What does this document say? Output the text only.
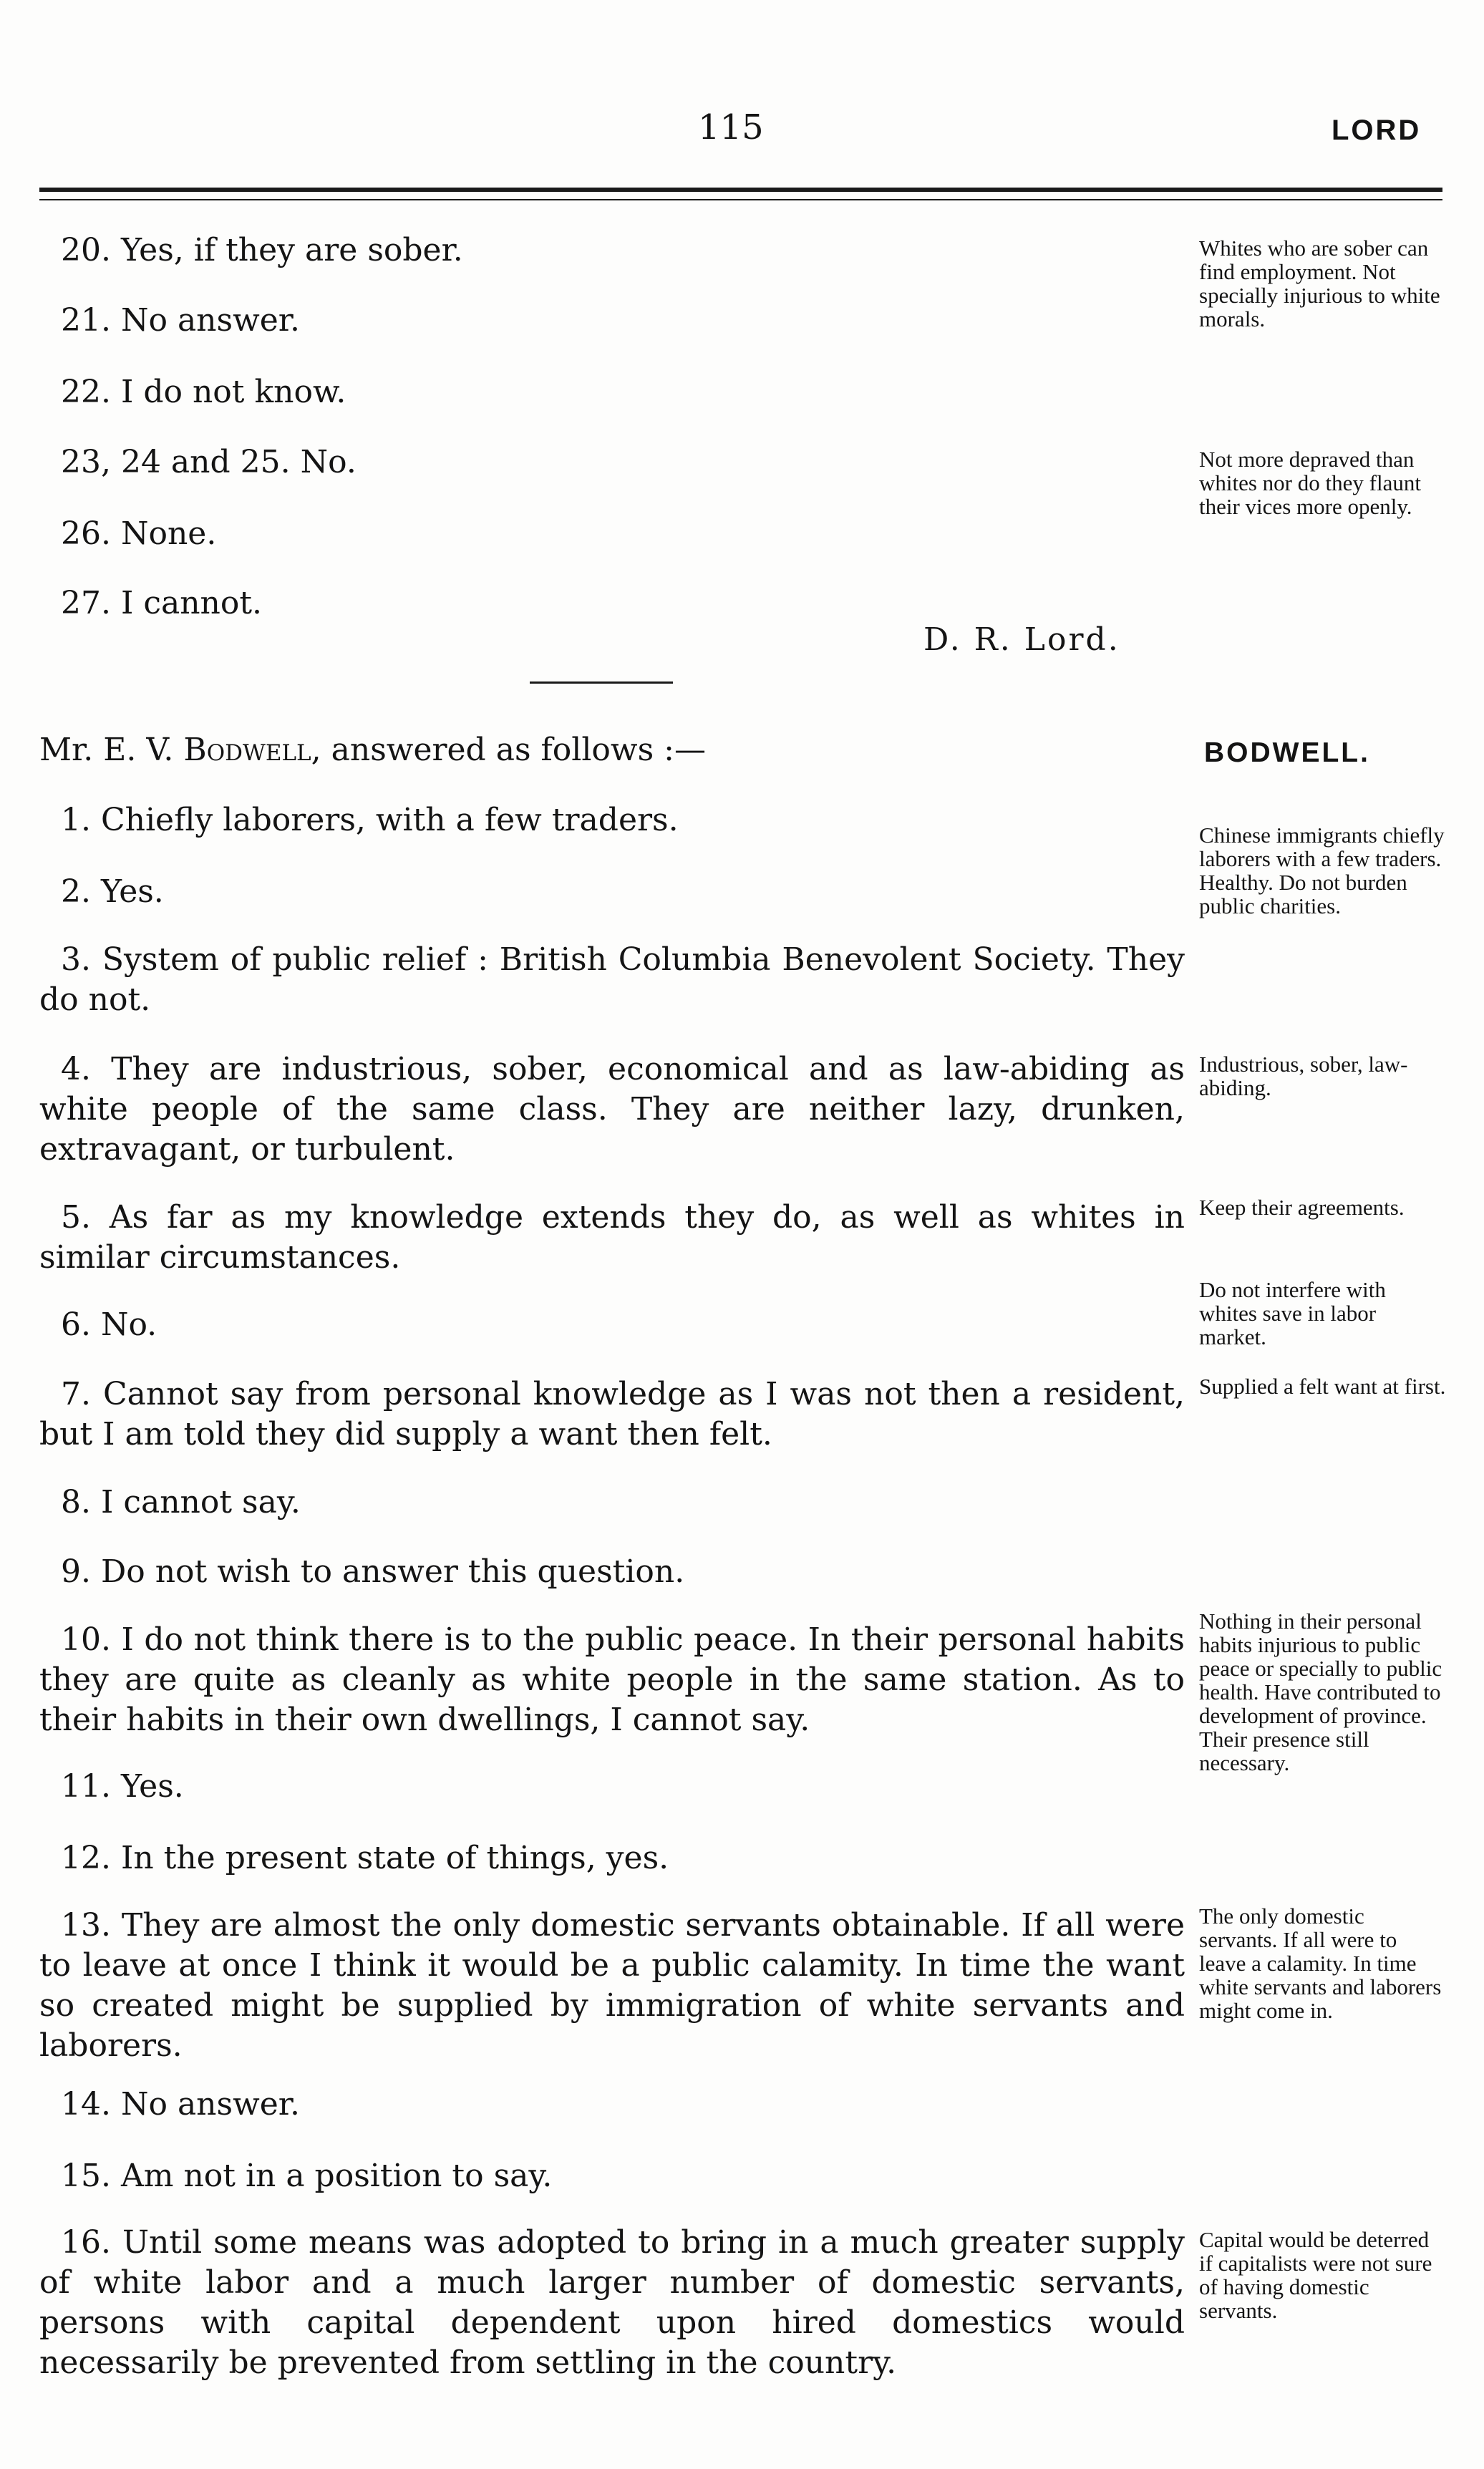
115	LORD
20. Yes, if they are sober.
21. No answer.
22. I do not know.
23, 24 and 25. No.
26. None.
27. I cannot.
D. R. Lord.
Mr. E. V. Bodwell, answered as follows :—
1. Chiefly laborers, with a few traders.
2. Yes.
3. System of public relief : British Columbia Benevolent Society. They do not.
4. They are industrious, sober, economical and as law-abiding as white people of the same class. They are neither lazy, drunken, extravagant, or turbulent.
5. As far as my knowledge extends they do, as well as whites in similar circumstances.
6. No.
7. Cannot say from personal knowledge as I was not then a resident, but I am told they did supply a want then felt.
8. I cannot say.
9. Do not wish to answer this question.
10. I do not think there is to the public peace. In their personal habits they are quite as cleanly as white people in the same station. As to their habits in their own dwellings, I cannot say.
11. Yes.
12. In the present state of things, yes.
13. They are almost the only domestic servants obtainable. If all were to leave at once I think it would be a public calamity. In time the want so created might be supplied by immigration of white servants and laborers.
14. No answer.
15. Am not in a position to say.
16. Until some means was adopted to bring in a much greater supply of white labor and a much larger number of domestic servants, persons with capital dependent upon hired domestics would necessarily be prevented from settling in the country.
BODWELL.
Whites who are sober can find employment. Not specially injurious to white morals.
Not more depraved than whites nor do they flaunt their vices more openly.
Chinese immigrants chiefly laborers with a few traders. Healthy. Do not burden public charities.
Industrious, sober, law-abiding.
Keep their agreements.
Do not interfere with whites save in labor market.
Supplied a felt want at first.
Nothing in their personal habits injurious to public peace or specially to public health. Have contributed to development of province. Their presence still necessary.
The only domestic servants. If all were to leave a calamity. In time white servants and laborers might come in.
Capital would be deterred if capitalists were not sure of having domestic servants.
